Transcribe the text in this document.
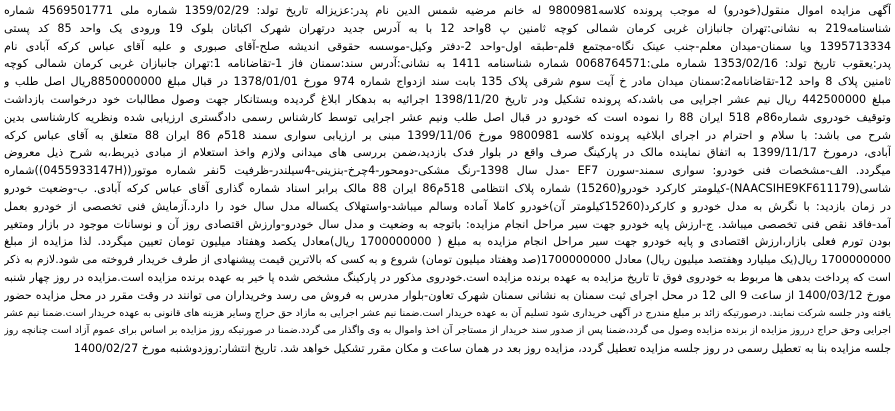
آگهی مزایده اموال منقول(خودرو) له موجب پرونده کلاسه9800981 له خانم مرضیه شمس الدین نام پدر:عزیزاله تاریخ تولد: 1359/02/29 شماره ملی 4569501771 شماره
شناسنامه219 به نشانی:تهران جانبازان غربی کرمان شمالی کوچه ثامنین پ 8واحد 12 با به آدرس جدید درتهران شهرک اکباتان بلوک 19 ورودی یک واحد 85 کد پستی
1395713334 ویا سمنان-میدان معلم-جنب عینک نگاه-مجتمع قلم-طبقه اول-واحد 2-دفتر وکیل-موسسه حقوقی اندیشه صلح-آقای صبوری و علیه آقای عباس کرکه آبادی نام
پدر:یعقوب تاریخ تولد: 1353/02/16 شماره ملی:0068764571 شماره شناسنامه 1411 به نشانی:آدرس سند:سمنان فاز 1-تقاضانامه 1:تهران جانبازان غربی کرمان شمالی کوچه
ثامنین پلاک 8 واحد 12-تقاضانامه2:سمنان میدان مادر خ آیت سوم شرقی پلاک 135 بابت سند ازدواج شماره 974 مورخ 1378/01/01 در قبال مبلغ 8850000000ریال اصل طلب و
مبلغ 442500000 ریال نیم عشر اجرایی می باشد،که پرونده تشکیل ودر تاریخ 1398/11/20 اجرائیه به بدهکار ابلاغ گردیده وبستانکار جهت وصول مطالبات خود درخواست بازداشت
وتوقیف خودروی شماره86م 518 ایران 88 را نموده است که خودرو در قبال اصل طلب ونیم عشر اجرایی توسط کارشناس رسمی دادگستری ارزیابی شده ونظریه کارشناسی بدین
شرح می باشد: با سلام و احترام در اجرای ابلاغیه پرونده کلاسه 9800981 مورخ 1399/11/06 مبنی بر ارزیابی سواری سمند 518م 86 ایران 88 متعلق به آقای عباس کرکه
آبادی، درمورخ 1399/11/17 به اتفاق نماینده مالک در پارکینگ صرف واقع در بلوار فدک بازدید،ضمن بررسی های میدانی ولازم واخذ استعلام از مبادی ذیربط،به شرح ذیل معروض
میگردد. الف-مشخصات فنی خودرو: سواری سمند-سورن EF7 -مدل سال 1398-رنگ مشکی-دومحور-4چرخ-بنزینی-4سیلندر-ظرفیت 5نفر شماره موتور((0455933147H))شماره
شاسی(NAACSIHE9KF611179)-کیلومتر کارکرد خودرو(15260) شماره پلاک انتظامی 518م86 ایران 88 مالک برابر اسناد شماره گذاری آقای عباس کرکه آبادی. ب-وضعیت خودرو
در زمان بازدید: با نگرش به مدل خودرو و کارکرد(15260کیلومتر آن)خودرو کاملا آماده وسالم میباشد-واستهلاک یکساله مدل سال خود را دارد.آزمایش فنی تخصصی از خودرو بعمل
آمد-فاقد نقص فنی تخصصی میباشد. ج-ارزش پایه خودرو جهت سیر مراحل انجام مزایده: باتوجه به وضعیت و مدل سال خودرو-وارزش اقتصادی روز آن و نوسانات موجود در بازار ومتغیر
بودن تورم فعلی بازار،ارزش اقتصادی و پایه خودرو جهت سیر مراحل انجام مزایده به مبلغ ( 1700000000 ریال)معادل یکصد وهفتاد میلیون تومان تعیین میگردد. لذا مزایده از مبلغ
1700000000 ریال(یک میلیارد وهفتصد میلیون ریال) معادل 1700000000(صد وهفتاد میلیون تومان) شروع و به کسی که بالاترین قیمت پیشنهادی از طرف خریدار فروخته می شود.لازم به ذکر
است که پرداخت بدهی ها مربوط به خودروی فوق تا تاریخ مزایده به عهده برنده مزایده است.خودروی مذکور در پارکینگ مشخص شده پا خیر به عهده برنده مزایده است.مزایده در روز چهار شنبه
مورخ 1400/03/12 از ساعت 9 الی 12 در محل اجرای ثبت سمنان به نشانی سمنان شهرک تعاون-بلوار مدرس به فروش می رسد وخریداران می توانند در وقت مقرر در محل مزایده حضور
یافته ودر جلسه شرکت نمایند. درصورتیکه زائد بر مبلغ مندرج در آگهی خریداری شود تسلیم آن به عهده خریدار است.ضمنا نیم عشر اجرایی به مازاد حق حراج وسایر هزینه های قانونی به عهده خریدار است.ضمنا نیم عشر
اجرایی وحق حراج درروز مزایده از برنده مزایده وصول می گردد،ضمنا پس از صدور سند خریدار از مستاجر آن اخذ واموال به وی واگذار می گردد.ضمنا در صورتیکه روز مزایده بر اساس برای عموم آزاد است چنانچه روز
جلسه مزایده بنا به تعطیل رسمی در روز جلسه مزایده تعطیل گردد، مزایده روز بعد در همان ساعت و مکان مقرر تشکیل خواهد شد. تاریخ انتشار:روزدوشنبه مورخ 1400/02/27
